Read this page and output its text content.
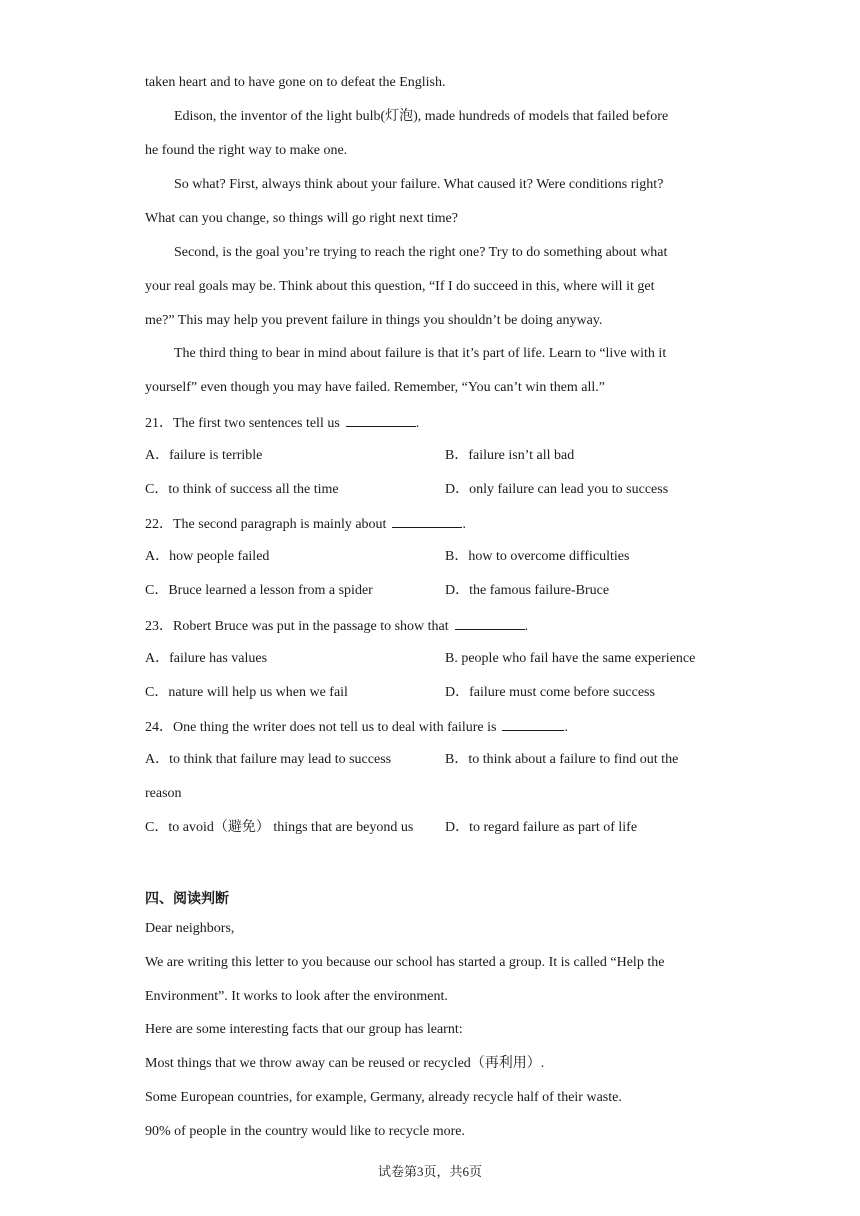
taken heart and to have gone on to defeat the English.
Edison, the inventor of the light bulb(灯泡), made hundreds of models that failed before
he found the right way to make one.
So what? First, always think about your failure. What caused it? Were conditions right?
What can you change, so things will go right next time?
Second, is the goal you’re trying to reach the right one? Try to do something about what
your real goals may be. Think about this question, “If I do succeed in this, where will it get
me?” This may help you prevent failure in things you shouldn’t be doing anyway.
The third thing to bear in mind about failure is that it’s part of life. Learn to “live with it
yourself” even though you may have failed. Remember, “You can’t win them all.”
21．The first two sentences tell us	.
A．failure is terrible	B．failure isn’t all bad
C．to think of success all the time	D．only failure can lead you to success
22．The second paragraph is mainly about	.
A．how people failed	B．how to overcome difficulties
C．Bruce learned a lesson from a spider	D．the famous failure-Bruce
23．Robert Bruce was put in the passage to show that	.
A．failure has values	B. people who fail have the same experience
C．nature will help us when we fail	D．failure must come before success
24．One thing the writer does not tell us to deal with failure is	.
A．to think that failure may lead to success	B．to think about a failure to find out the
reason
C．to avoid（避免） things that are beyond us D．to regard failure as part of life
四、阅读判断
Dear neighbors,
We are writing this letter to you because our school has started a group. It is called “Help the
Environment”. It works to look after the environment.
Here are some interesting facts that our group has learnt:
Most things that we throw away can be reused or recycled（再利用）.
Some European countries, for example, Germany, already recycle half of their waste.
90% of people in the country would like to recycle more.
试卷第3页，共6页
